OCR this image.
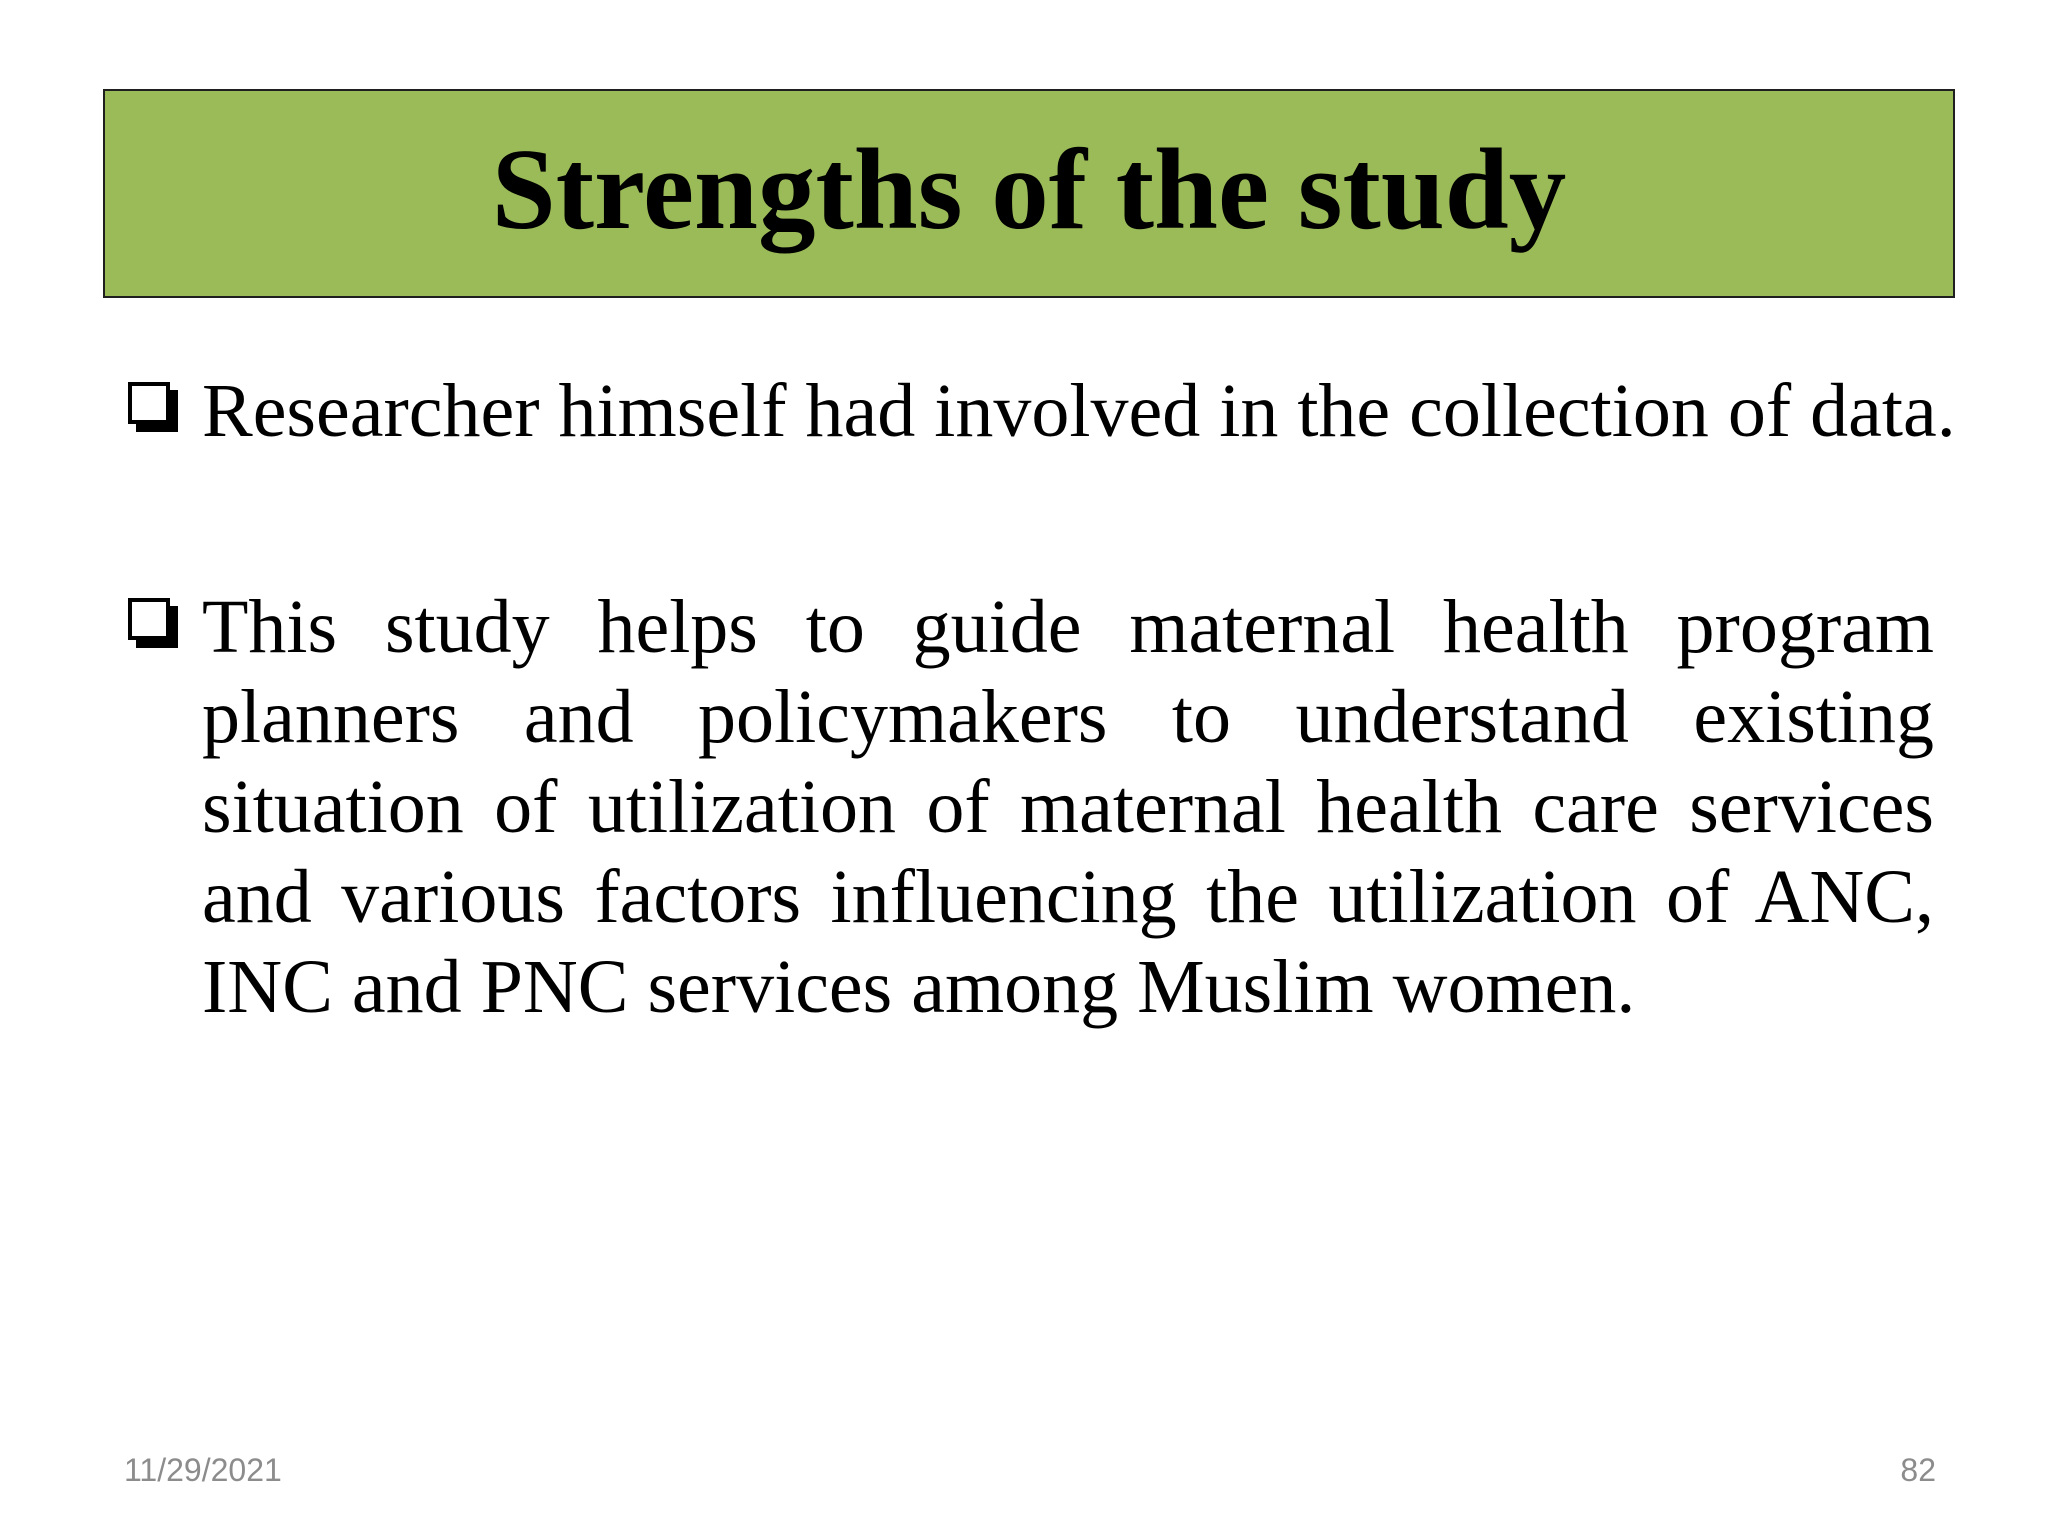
Strengths of the study
Researcher himself had involved in the collection of data.
This study helps to guide maternal health program planners and policymakers to understand existing situation of utilization of maternal health care services and various factors influencing the utilization of ANC, INC and PNC services among Muslim women.
11/29/2021	82
